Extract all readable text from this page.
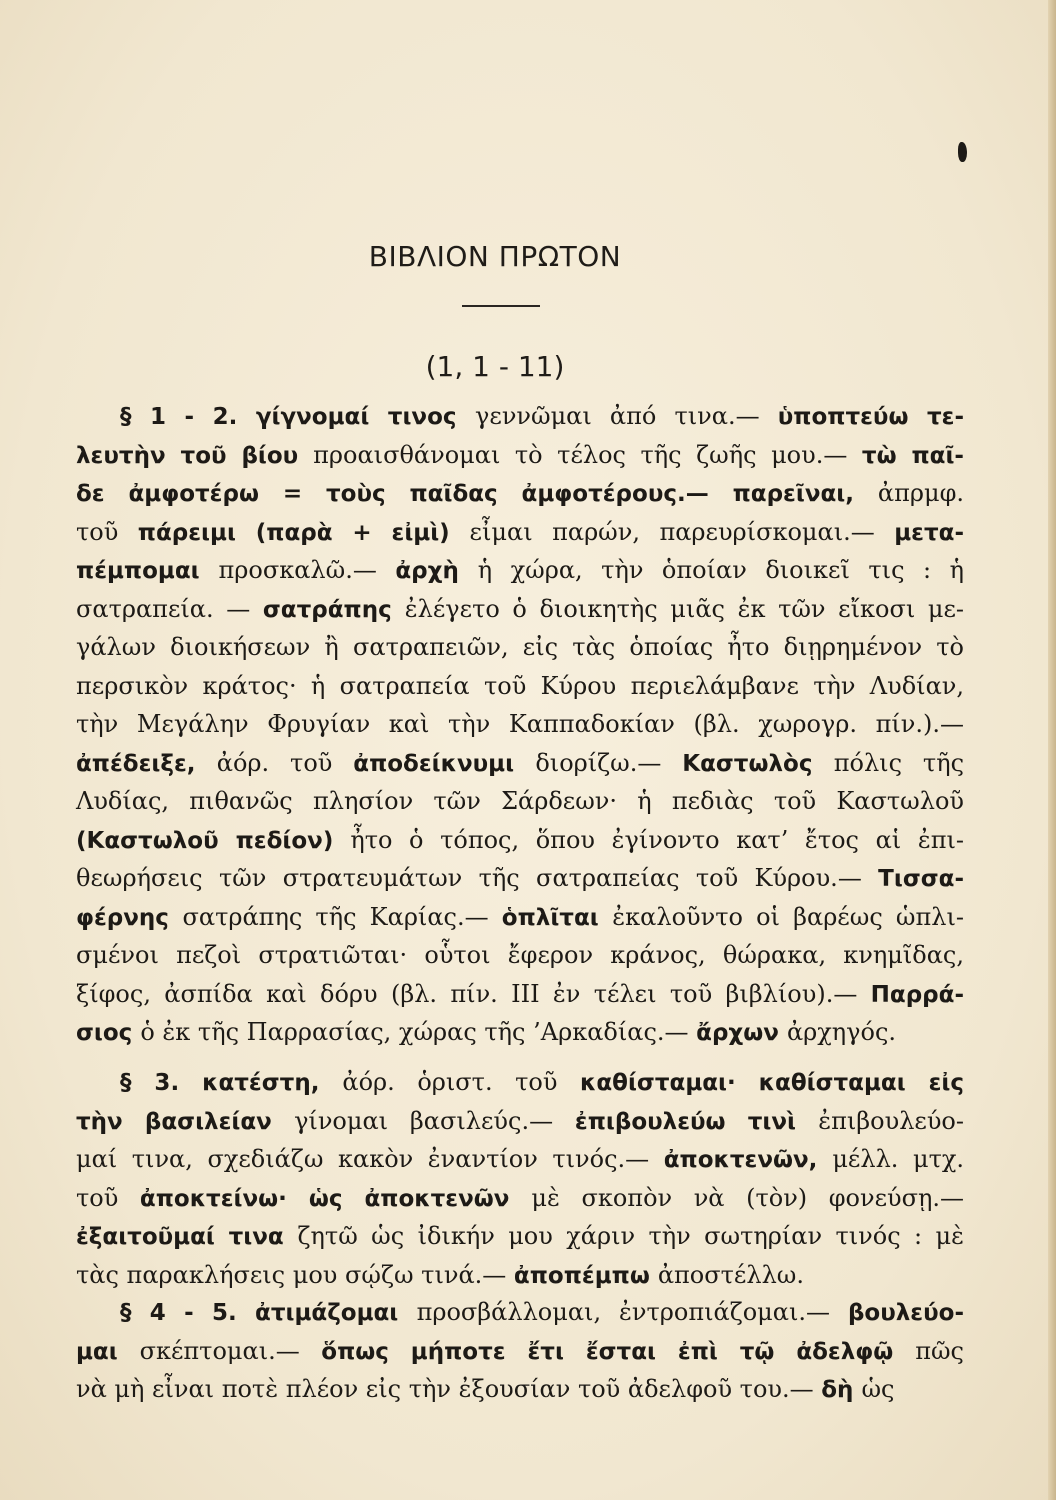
ΒΙΒΛΙΟΝ ΠΡΩΤΟΝ
(1, 1 - 11)
§ 1 - 2. γίγνομαί τινος γεννῶμαι ἀπό τινα.— ὑποπτεύω τε-
λευτὴν τοῦ βίου προαισθάνομαι τὸ τέλος τῆς ζωῆς μου.— τὼ παῖ-
δε ἀμφοτέρω = τοὺς παῖδας ἀμφοτέρους.— παρεῖναι, ἀπρμφ.
τοῦ πάρειμι (παρὰ + εἰμὶ) εἶμαι παρών, παρευρίσκομαι.— μετα-
πέμπομαι προσκαλῶ.— ἀρχὴ ἡ χώρα, τὴν ὁποίαν διοικεῖ τις : ἡ
σατραπεία. — σατράπης ἐλέγετο ὁ διοικητὴς μιᾶς ἐκ τῶν εἴκοσι με-
γάλων διοικήσεων ἢ σατραπειῶν, εἰς τὰς ὁποίας ἦτο διῃρημένον τὸ
περσικὸν κράτος· ἡ σατραπεία τοῦ Κύρου περιελάμβανε τὴν Λυδίαν,
τὴν Μεγάλην Φρυγίαν καὶ τὴν Καππαδοκίαν (βλ. χωρογρ. πίν.).—
ἀπέδειξε, ἀόρ. τοῦ ἀποδείκνυμι διορίζω.— Καστωλὸς πόλις τῆς
Λυδίας, πιθανῶς πλησίον τῶν Σάρδεων· ἡ πεδιὰς τοῦ Καστωλοῦ
(Καστωλοῦ πεδίον) ἦτο ὁ τόπος, ὅπου ἐγίνοντο κατ’ ἔτος αἱ ἐπι-
θεωρήσεις τῶν στρατευμάτων τῆς σατραπείας τοῦ Κύρου.— Τισσα-
φέρνης σατράπης τῆς Καρίας.— ὁπλῖται ἐκαλοῦντο οἱ βαρέως ὡπλι-
σμένοι πεζοὶ στρατιῶται· οὗτοι ἔφερον κράνος, θώρακα, κνημῖδας,
ξίφος, ἀσπίδα καὶ δόρυ (βλ. πίν. III ἐν τέλει τοῦ βιβλίου).— Παρρά-
σιος ὁ ἐκ τῆς Παρρασίας, χώρας τῆς ’Αρκαδίας.— ἄρχων ἀρχηγός.
§ 3. κατέστη, ἀόρ. ὁριστ. τοῦ καθίσταμαι· καθίσταμαι εἰς
τὴν βασιλείαν γίνομαι βασιλεύς.— ἐπιβουλεύω τινὶ ἐπιβουλεύο-
μαί τινα, σχεδιάζω κακὸν ἐναντίον τινός.— ἀποκτενῶν, μέλλ. μτχ.
τοῦ ἀποκτείνω· ὡς ἀποκτενῶν μὲ σκοπὸν νὰ (τὸν) φονεύσῃ.—
ἐξαιτοῦμαί τινα ζητῶ ὡς ἰδικήν μου χάριν τὴν σωτηρίαν τινός : μὲ
τὰς παρακλήσεις μου σῴζω τινά.— ἀποπέμπω ἀποστέλλω.
§ 4 - 5. ἀτιμάζομαι προσβάλλομαι, ἐντροπιάζομαι.— βουλεύο-
μαι σκέπτομαι.— ὅπως μήποτε ἔτι ἔσται ἐπὶ τῷ ἀδελφῷ πῶς
νὰ μὴ εἶναι ποτὲ πλέον εἰς τὴν ἐξουσίαν τοῦ ἀδελφοῦ του.— δὴ ὡς
